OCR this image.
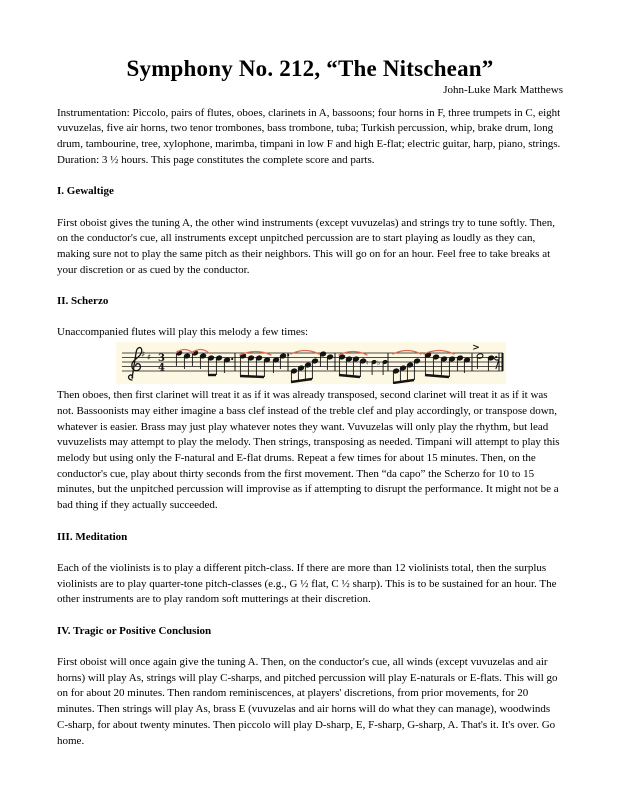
Symphony No. 212, “The Nitschean”
John-Luke Mark Matthews

Instrumentation: Piccolo, pairs of flutes, oboes, clarinets in A, bassoons; four horns in F, three trumpets in C, eight vuvuzelas, five air horns, two tenor trombones, bass trombone, tuba; Turkish percussion, whip, brake drum, long drum, tambourine, tree, xylophone, marimba, timpani in low F and high E-flat; electric guitar, harp, piano, strings. Duration: 3 ½ hours. This page constitutes the complete score and parts.

I. Gewaltige

First oboist gives the tuning A, the other wind instruments (except vuvuzelas) and strings try to tune softly. Then, on the conductor's cue, all instruments except unpitched percussion are to start playing as loudly as they can, making sure not to play the same pitch as their neighbors. This will go on for an hour. Feel free to take breaks at your discretion or as cued by the conductor.

II. Scherzo

Unaccompanied flutes will play this melody a few times:

♯ ♯ 3
4	♮ ♭
>

Then oboes, then first clarinet will treat it as if it was already transposed, second clarinet will treat it as if it was not. Bassoonists may either imagine a bass clef instead of the treble clef and play accordingly, or transpose down, whatever is easier. Brass may just play whatever notes they want. Vuvuzelas will only play the rhythm, but lead vuvuzelists may attempt to play the melody. Then strings, transposing as needed. Timpani will attempt to play this melody but using only the F-natural and E-flat drums. Repeat a few times for about 15 minutes. Then, on the conductor's cue, play about thirty seconds from the first movement. Then “da capo” the Scherzo for 10 to 15 minutes, but the unpitched percussion will improvise as if attempting to disrupt the performance. It might not be a bad thing if they actually succeeded.

III. Meditation

Each of the violinists is to play a different pitch-class. If there are more than 12 violinists total, then the surplus violinists are to play quarter-tone pitch-classes (e.g., G ½ flat, C ½ sharp). This is to be sustained for an hour. The other instruments are to play random soft mutterings at their discretion.

IV. Tragic or Positive Conclusion

First oboist will once again give the tuning A. Then, on the conductor's cue, all winds (except vuvuzelas and air horns) will play As, strings will play C-sharps, and pitched percussion will play E-naturals or E-flats. This will go on for about 20 minutes. Then random reminiscences, at players' discretions, from prior movements, for 20 minutes. Then strings will play As, brass E (vuvuzelas and air horns will do what they can manage), woodwinds C-sharp, for about twenty minutes. Then piccolo will play D-sharp, E, F-sharp, G-sharp, A. That's it. It's over. Go home.
